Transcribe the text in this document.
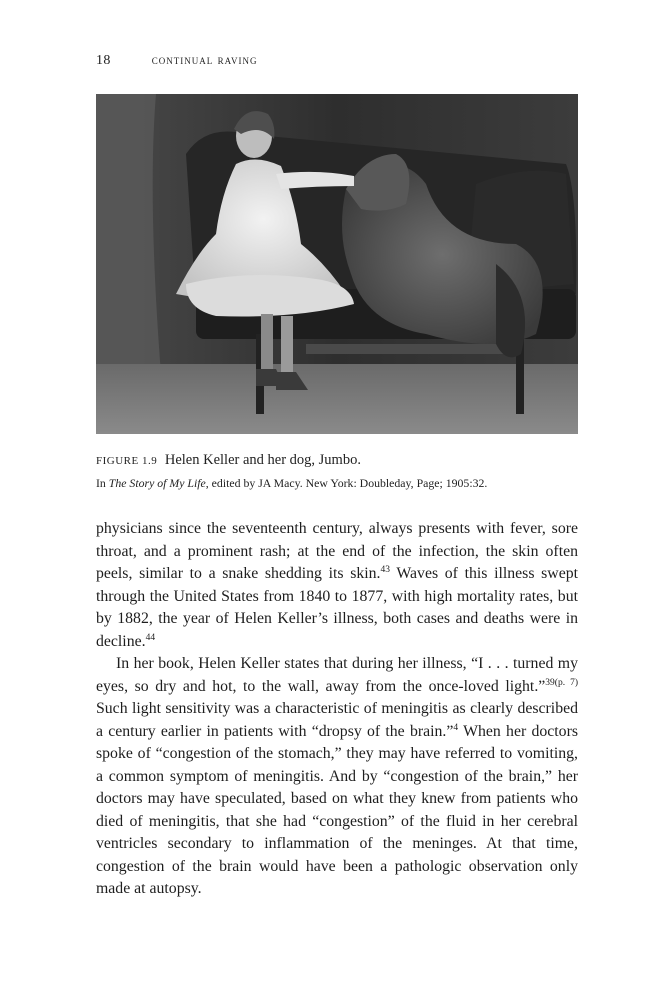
18	continual raving
FIGURE 1.9 Helen Keller and her dog, Jumbo.
In The Story of My Life, edited by JA Macy. New York: Doubleday, Page; 1905:32.

physicians since the seventeenth century, always presents with fever, sore throat, and a prominent rash; at the end of the infection, the skin often peels, similar to a snake shedding its skin.$^{43}$ Waves of this illness swept through the United States from 1840 to 1877, with high mortality rates, but by 1882, the year of Helen Keller’s illness, both cases and deaths were in decline.$^{44}$

In her book, Helen Keller states that during her illness, “I . . . turned my eyes, so dry and hot, to the wall, away from the once-loved light.”$^{39(p. 7)}$ Such light sensitivity was a characteristic of meningitis as clearly described a century earlier in patients with “dropsy of the brain.”$^4$ When her doctors spoke of “congestion of the stomach,” they may have referred to vomiting, a common symptom of meningitis. And by “congestion of the brain,” her doctors may have speculated, based on what they knew from patients who died of meningitis, that she had “congestion” of the fluid in her cerebral ventricles secondary to inflammation of the meninges. At that time, congestion of the brain would have been a pathologic observation only made at autopsy.
